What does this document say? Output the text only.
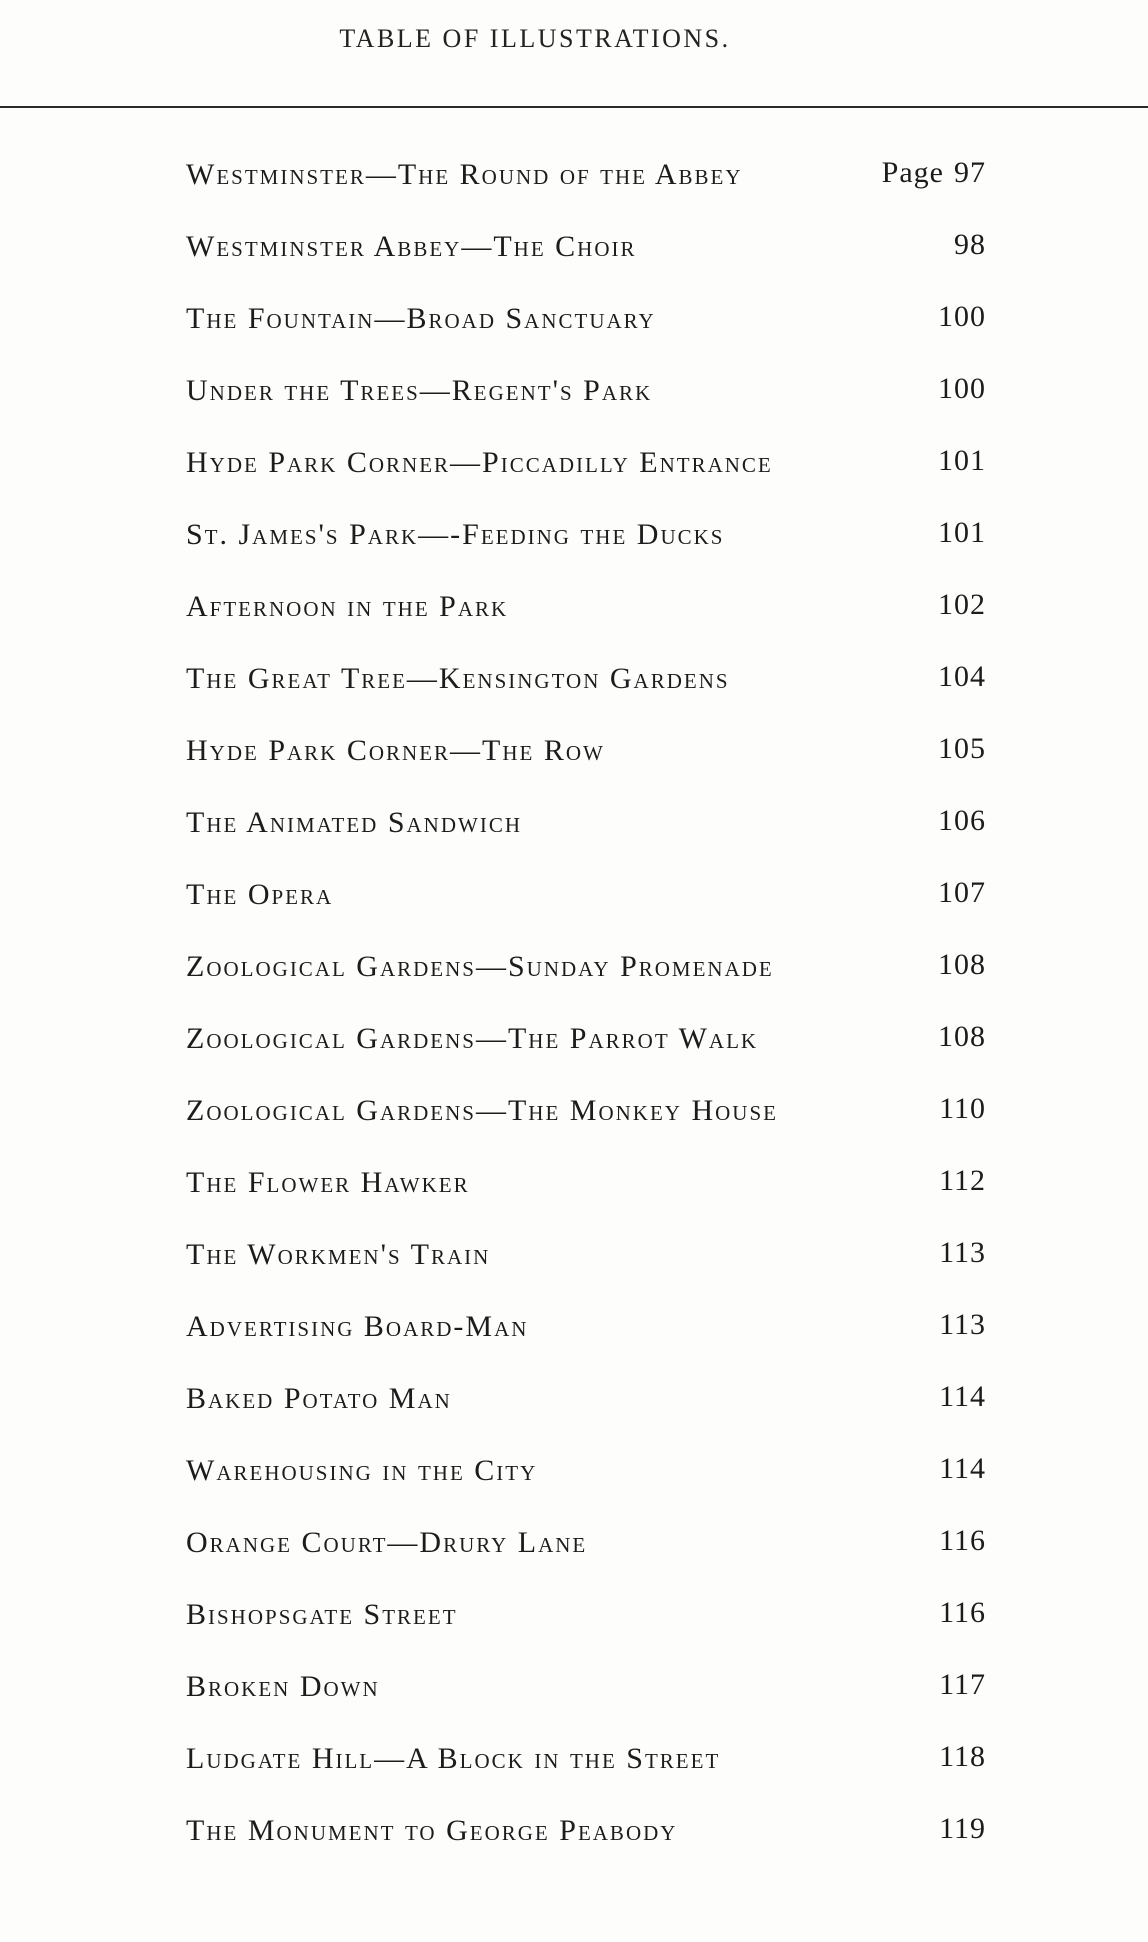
TABLE OF ILLUSTRATIONS.
Westminster—The Round of the Abbey	Page 97
Westminster Abbey—The Choir	98
The Fountain—Broad Sanctuary	100
Under the Trees—Regent's Park	100
Hyde Park Corner—Piccadilly Entrance	101
St. James's Park—-Feeding the Ducks	101
Afternoon in the Park	102
The Great Tree—Kensington Gardens	104
Hyde Park Corner—The Row	105
The Animated Sandwich	106
The Opera	107
Zoological Gardens—Sunday Promenade	108
Zoological Gardens—The Parrot Walk	108
Zoological Gardens—The Monkey House	110
The Flower Hawker	112
The Workmen's Train	113
Advertising Board-Man	113
Baked Potato Man	114
Warehousing in the City	114
Orange Court—Drury Lane	116
Bishopsgate Street	116
Broken Down	117
Ludgate Hill—A Block in the Street	118
The Monument to George Peabody	119
